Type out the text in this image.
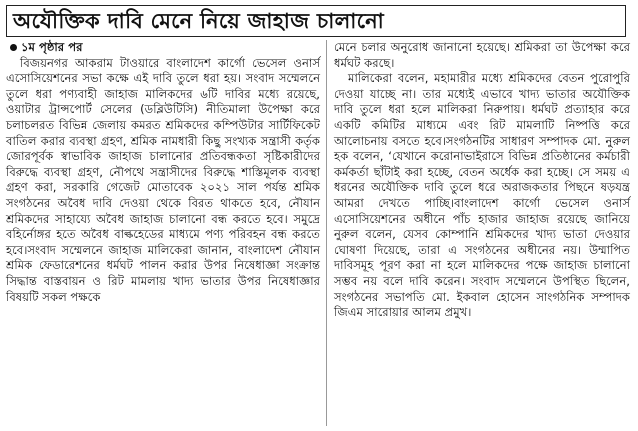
অযৌক্তিক দাবি মেনে নিয়ে জাহাজ চালানো
১ম পৃষ্ঠার পর

বিজয়নগর আকরাম টাওয়ারে বাংলাদেশ কার্গো ভেসেল ওনার্স এসোসিয়েশনের সভা কক্ষে এই দাবি তুলে ধরা হয়। সংবাদ সম্মেলনে তুলে ধরা পণ্যবাহী জাহাজ মালিকদের ৬টি দাবির মধ্যে রয়েছে, ওয়াটার ট্রান্সপোর্ট সেলের (ডব্লিউটিসি) নীতিমালা উপেক্ষা করে চলাচলরত বিভিন্ন জেলায় কমরত শ্রমিকদের কম্পিউটার সার্টিফিকেট বাতিল করার ব্যবস্থা গ্রহণ, শ্রমিক নামধারী কিছু সংখ্যক সন্ত্রাসী কর্তৃক জোরপূর্বক স্বাভাবিক জাহাজ চালানোর প্রতিবন্ধকতা সৃষ্টিকারীদের বিরুদ্ধে ব্যবস্থা গ্রহণ, নৌপথে সন্ত্রাসীদের বিরুদ্ধে শাস্তিমূলক ব্যবস্থা গ্রহণ করা, সরকারি গেজেট মোতাবেক ২০২১ সাল পর্যন্ত শ্রমিক সংগঠনের অবৈধ দাবি দেওয়া থেকে বিরত থাকতে হবে, নৌযান শ্রমিকদের সাহায্যে অবৈধ জাহাজ চালানো বন্ধ করতে হবে। সমুদ্রে বহির্নোঙ্গর হতে অবৈধ বাল্কহেডের মাধ্যমে পণ্য পরিবহন বন্ধ করতে হবে।সংবাদ সম্মেলনে জাহাজ মালিকেরা জানান, বাংলাদেশ নৌযান শ্রমিক ফেডারেশনের ধর্মঘট পালন করার উপর নিষেধাজ্ঞা সংক্রান্ত সিদ্ধান্ত বাস্তবায়ন ও রিট মামলায় খাদ্য ভাতার উপর নিষেধাজ্ঞার বিষয়টি সকল পক্ষকে

মেনে চলার অনুরোধ জানানো হয়েছে। শ্রমিকরা তা উপেক্ষা করে ধর্মঘট করছে।

মালিকেরা বলেন, মহামারীর মধ্যে শ্রমিকদের বেতন পুরোপুরি দেওয়া যাচ্ছে না। তার মধ্যেই এভাবে খাদ্য ভাতার অযৌক্তিক দাবি তুলে ধরা হলে মালিকরা নিরুপায়। ধর্মঘট প্রত্যাহার করে একটি কমিটির মাধ্যমে এবং রিট মামলাটি নিষ্পত্তি করে আলোচনায় বসতে হবে।সংগঠনটির সাধারণ সম্পাদক মো. নুরুল হক বলেন, ‘যেখানে করোনাভাইরাসে বিভিন্ন প্রতিষ্ঠানের কর্মচারী কর্মকর্তা ছাঁটাই করা হচ্ছে, বেতন অর্ধেক করা হচ্ছে। সে সময় এ ধরনের অযৌক্তিক দাবি তুলে ধরে অরাজকতার পিছনে ষড়যন্ত্র আমরা দেখতে পাচ্ছি।বাংলাদেশ কার্গো ভেসেল ওনার্স এসোসিয়েশনের অধীনে পাঁচ হাজার জাহাজ রয়েছে জানিয়ে নুরুল বলেন, যেসব কোম্পানি শ্রমিকদের খাদ্য ভাতা দেওয়ার ঘোষণা দিয়েছে, তারা এ সংগঠনের অধীনের নয়। উম্মাপিত দাবিসমূহ পূরণ করা না হলে মালিকদের পক্ষে জাহাজ চালানো সম্ভব নয় বলে দাবি করেন। সংবাদ সম্মেলনে উপস্থিত ছিলেন, সংগঠনের সভাপতি মো. ইকবাল হোসেন সাংগঠনিক সম্পাদক জিএম সারোয়ার আলম প্রমুখ।
